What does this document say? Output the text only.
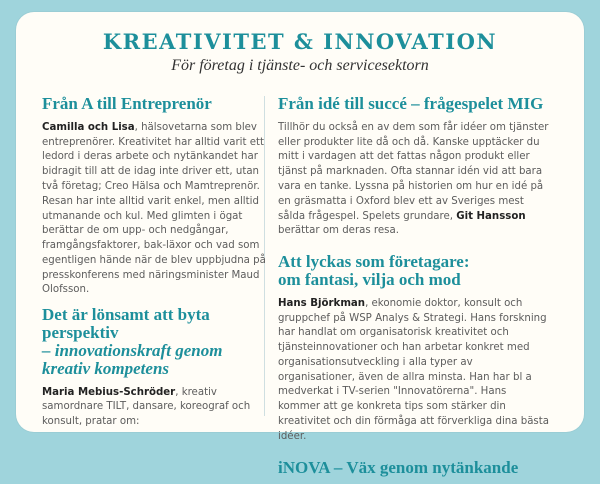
KREATIVITET & INNOVATION
För företag i tjänste- och servicesektorn
Från A till Entreprenör
Camilla och Lisa, hälsovetarna som blev entreprenörer. Kreativitet har alltid varit ett ledord i deras arbete och nytänkandet har bidragit till att de idag inte driver ett, utan två företag; Creo Hälsa och Mamtreprenör. Resan har inte alltid varit enkel, men alltid utmanande och kul. Med glimten i ögat berättar de om upp- och nedgångar, framgångsfaktorer, bak-läxor och vad som egentligen hände när de blev uppbjudna på presskonferens med näringsminister Maud Olofsson.
Det är lönsamt att byta
perspektiv
– innovationskraft genom
kreativ kompetens
Maria Mebius-Schröder, kreativ samordnare TILT, dansare, koreograf och konsult, pratar om:
Från idé till succé – frågespelet MIG
Tillhör du också en av dem som får idéer om tjänster eller produkter lite då och då. Kanske upptäcker du mitt i vardagen att det fattas någon produkt eller tjänst på marknaden. Ofta stannar idén vid att bara vara en tanke. Lyssna på historien om hur en idé på en gräsmatta i Oxford blev ett av Sveriges mest sålda frågespel. Spelets grundare, Git Hansson berättar om deras resa.
Att lyckas som företagare:
om fantasi, vilja och mod
Hans Björkman, ekonomie doktor, konsult och gruppchef på WSP Analys & Strategi. Hans forskning har handlat om organisatorisk kreativitet och tjänsteinnovationer och han arbetar konkret med organisationsutveckling i alla typer av organisationer, även de allra minsta. Han har bl a medverkat i TV-serien "Innovatörerna". Hans kommer att ge konkreta tips som stärker din kreativitet och din förmåga att förverkliga dina bästa idéer.
iNOVA – Väx genom nytänkande
